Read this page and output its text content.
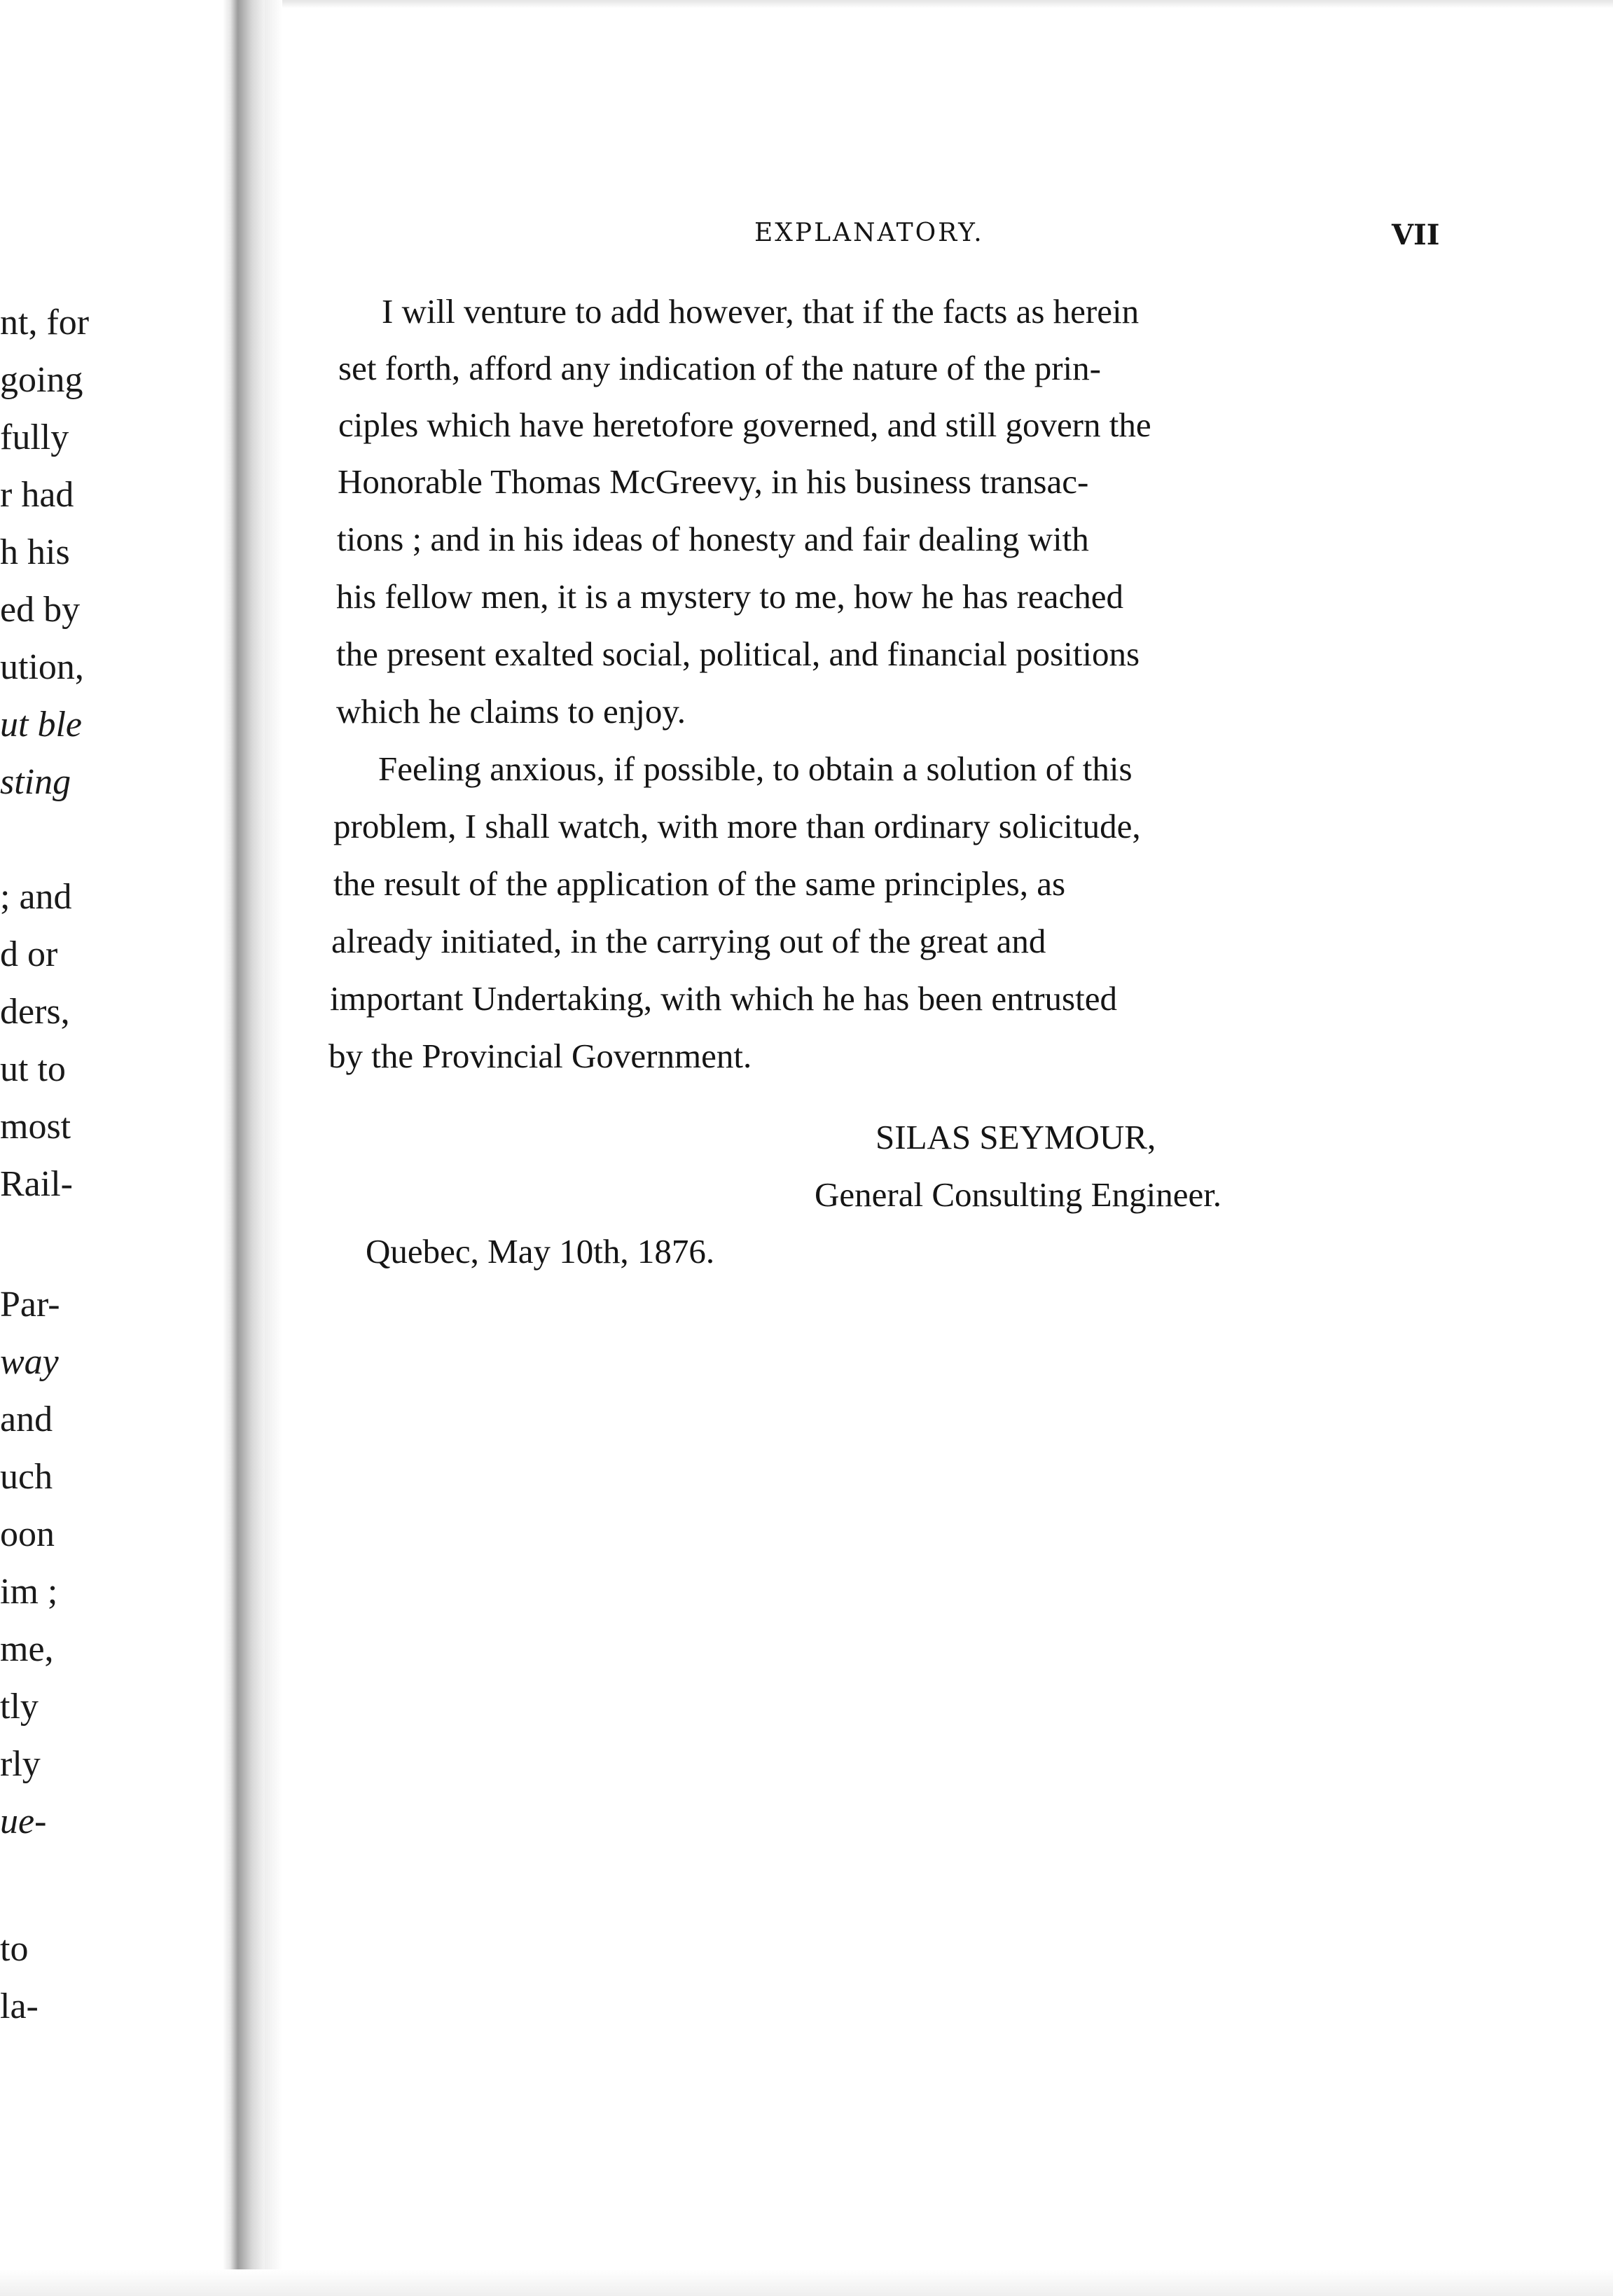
nt, for
going
fully
r had
h his
ed by
ution,
ut ble
sting
; and
d or
ders,
ut to
most
Rail-
Par-
way
and
uch
oon
im ;
me,
tly
rly
ue-
to
la-
EXPLANATORY.	VII
I will venture to add however, that if the facts as herein
set forth, afford any indication of the nature of the prin-
ciples which have heretofore governed, and still govern the
Honorable Thomas McGreevy, in his business transac-
tions ; and in his ideas of honesty and fair dealing with
his fellow men, it is a mystery to me, how he has reached
the present exalted social, political, and financial positions
which he claims to enjoy.
Feeling anxious, if possible, to obtain a solution of this
problem, I shall watch, with more than ordinary solicitude,
the result of the application of the same principles, as
already initiated, in the carrying out of the great and
important Undertaking, with which he has been entrusted
by the Provincial Government.
SILAS SEYMOUR,
General Consulting Engineer.
Quebec, May 10th, 1876.
